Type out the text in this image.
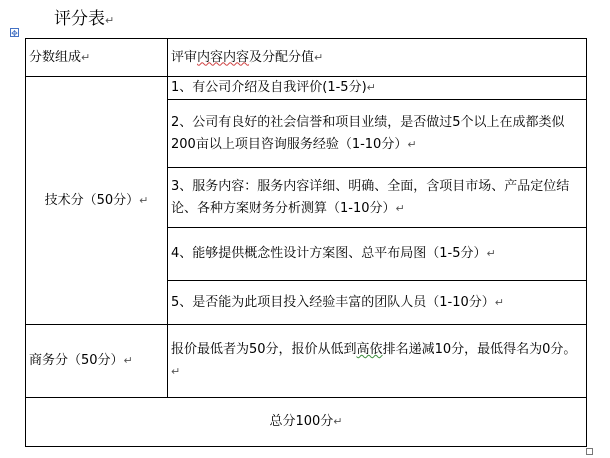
评分表↵
✥
分数组成↵	评审内容内容及分配分值↵
技术分（50分）↵	1、有公司介绍及自我评价(1-5分)↵
	2、公司有良好的社会信誉和项目业绩，是否做过5个以上在成都类似200亩以上项目咨询服务经验（1-10分）↵
	3、服务内容：服务内容详细、明确、全面，含项目市场、产品定位结论、各种方案财务分析测算（1-10分）↵
	4、能够提供概念性设计方案图、总平布局图（1-5分）↵
	5、是否能为此项目投入经验丰富的团队人员（1-10分）↵
商务分（50分）↵	报价最低者为50分，报价从低到高依排名递减10分，最低得名为0分。↵
总分100分↵	
